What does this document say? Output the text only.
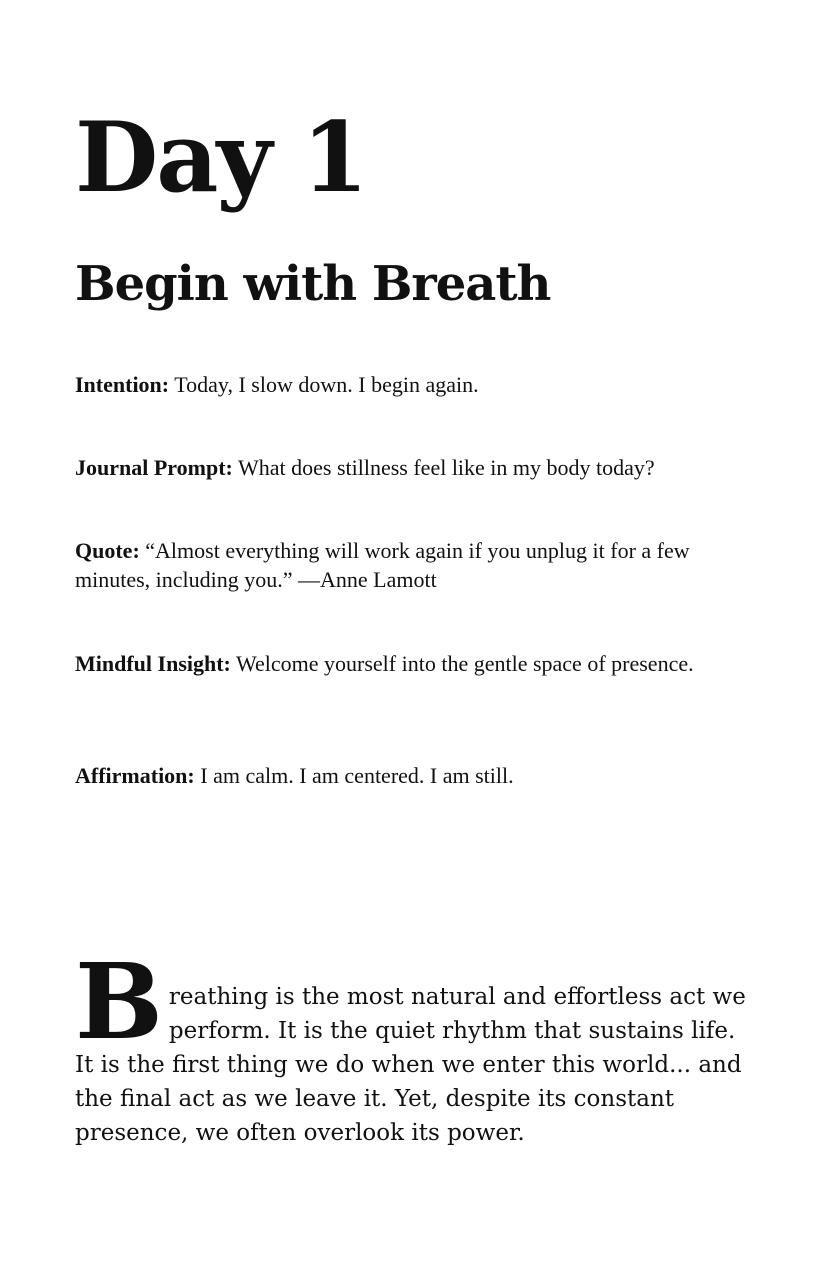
Day 1
Begin with Breath

Intention: Today, I slow down. I begin again.

Journal Prompt: What does stillness feel like in my body today?

Quote: “Almost everything will work again if you unplug it for a few minutes, including you.” —Anne Lamott

Mindful Insight: Welcome yourself into the gentle space of presence.

Affirmation: I am calm. I am centered. I am still.

Breathing is the most natural and effortless act we perform. It is the quiet rhythm that sustains life. It is the first thing we do when we enter this world... and the final act as we leave it. Yet, despite its constant presence, we often overlook its power.
